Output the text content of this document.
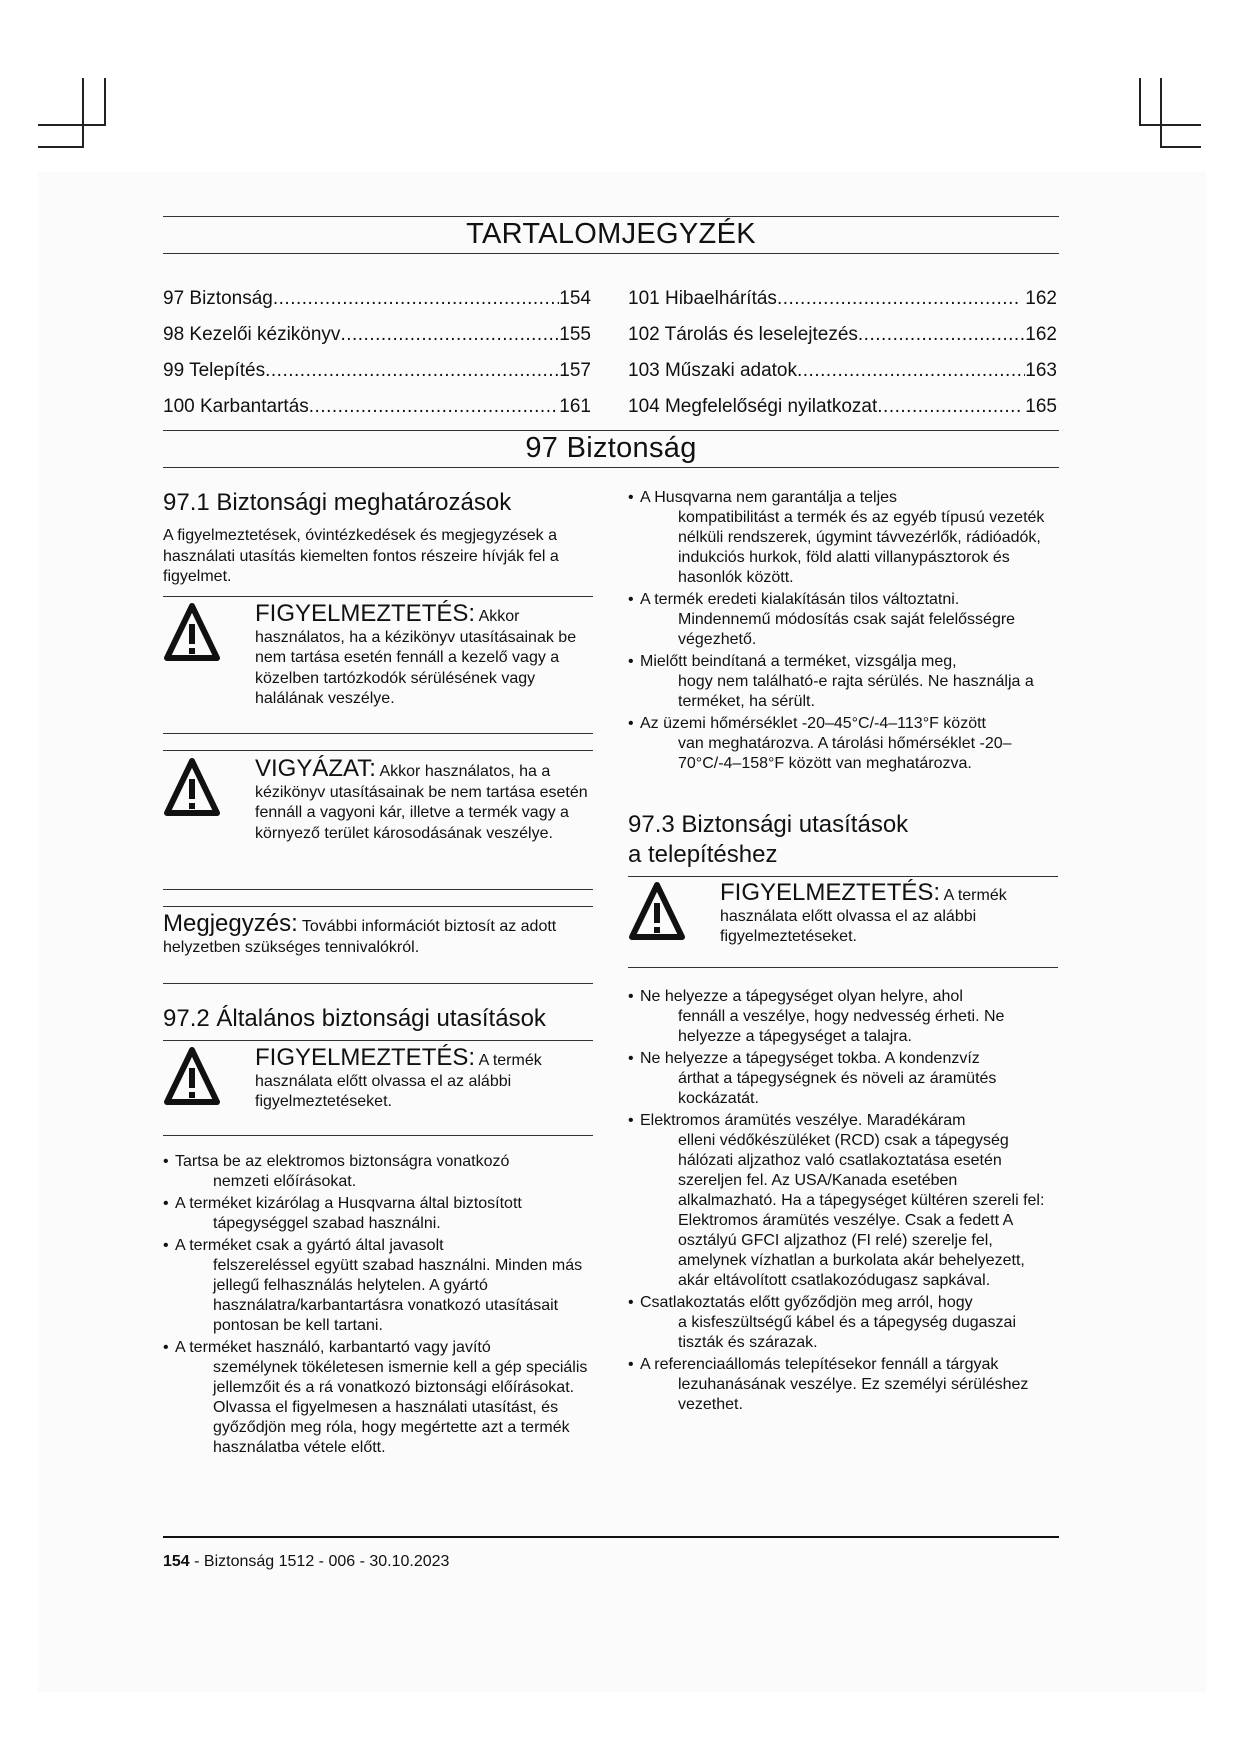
TARTALOMJEGYZÉK
97 Biztonság .....	154
98 Kezelői kézikönyv .....	155
99 Telepítés .....	157
100 Karbantartás .....	161
101 Hibaelhárítás .....	162
102 Tárolás és leselejtezés .....	162
103 Műszaki adatok .....	163
104 Megfelelőségi nyilatkozat .....	165
97 Biztonság
97.1 Biztonsági meghatározások

A figyelmeztetések, óvintézkedések és megjegyzések a használati utasítás kiemelten fontos részeire hívják fel a figyelmet.

FIGYELMEZTETÉS: Akkor használatos, ha a kézikönyv utasításainak be nem tartása esetén fennáll a kezelő vagy a közelben tartózkodók sérülésének vagy halálának veszélye.
VIGYÁZAT: Akkor használatos, ha a kézikönyv utasításainak be nem tartása esetén fennáll a vagyoni kár, illetve a termék vagy a környező terület károsodásának veszélye.
Megjegyzés: További információt biztosít az adott helyzetben szükséges tennivalókról.
97.2 Általános biztonsági utasítások
FIGYELMEZTETÉS: A termék használata előtt olvassa el az alábbi figyelmeztetéseket.
• Tartsa be az elektromos biztonságra vonatkozó
nemzeti előírásokat.
• A terméket kizárólag a Husqvarna által biztosított
tápegységgel szabad használni.
• A terméket csak a gyártó által javasolt
felszereléssel együtt szabad használni. Minden más jellegű felhasználás helytelen. A gyártó használatra/karbantartásra vonatkozó utasításait pontosan be kell tartani.
• A terméket használó, karbantartó vagy javító
személynek tökéletesen ismernie kell a gép speciális jellemzőit és a rá vonatkozó biztonsági előírásokat. Olvassa el figyelmesen a használati utasítást, és győződjön meg róla, hogy megértette azt a termék használatba vétele előtt.
• A Husqvarna nem garantálja a teljes
kompatibilitást a termék és az egyéb típusú vezeték nélküli rendszerek, úgymint távvezérlők, rádióadók, indukciós hurkok, föld alatti villanypásztorok és hasonlók között.
• A termék eredeti kialakításán tilos változtatni.
Mindennemű módosítás csak saját felelősségre végezhető.
• Mielőtt beindítaná a terméket, vizsgálja meg,
hogy nem található-e rajta sérülés. Ne használja a terméket, ha sérült.
• Az üzemi hőmérséklet -20–45°C/-4–113°F között
van meghatározva. A tárolási hőmérséklet -20–70°C/-4–158°F között van meghatározva.
97.3 Biztonsági utasítások
a telepítéshez
FIGYELMEZTETÉS: A termék használata előtt olvassa el az alábbi figyelmeztetéseket.
• Ne helyezze a tápegységet olyan helyre, ahol
fennáll a veszélye, hogy nedvesség érheti. Ne helyezze a tápegységet a talajra.
• Ne helyezze a tápegységet tokba. A kondenzvíz
árthat a tápegységnek és növeli az áramütés kockázatát.
• Elektromos áramütés veszélye. Maradékáram
elleni védőkészüléket (RCD) csak a tápegység hálózati aljzathoz való csatlakoztatása esetén szereljen fel. Az USA/Kanada esetében alkalmazható. Ha a tápegységet kültéren szereli fel: Elektromos áramütés veszélye. Csak a fedett A osztályú GFCI aljzathoz (FI relé) szerelje fel, amelynek vízhatlan a burkolata akár behelyezett, akár eltávolított csatlakozódugasz sapkával.
• Csatlakoztatás előtt győződjön meg arról, hogy
a kisfeszültségű kábel és a tápegység dugaszai tiszták és szárazak.
• A referenciaállomás telepítésekor fennáll a tárgyak
lezuhanásának veszélye. Ez személyi sérüléshez vezethet.
154 - Biztonság 1512 - 006 - 30.10.2023
